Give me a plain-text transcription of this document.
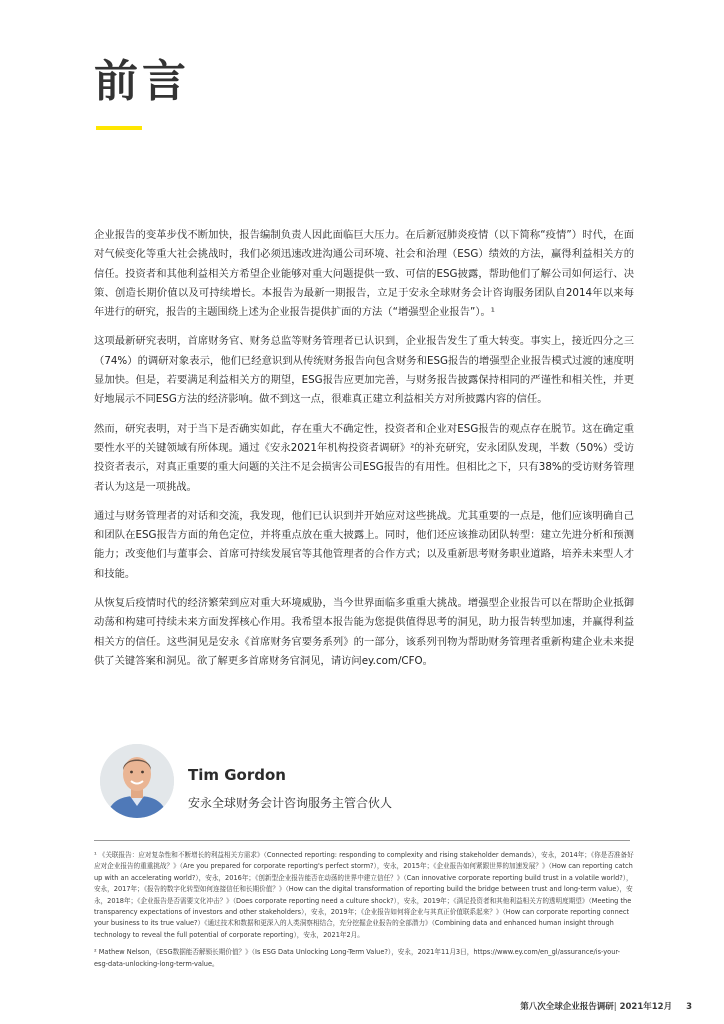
前言

企业报告的变革步伐不断加快，报告编制负责人因此面临巨大压力。在后新冠肺炎疫情（以下简称“疫情”）时代，在面对气候变化等重大社会挑战时，我们必须迅速改进沟通公司环境、社会和治理（ESG）绩效的方法，赢得利益相关方的信任。投资者和其他利益相关方希望企业能够对重大问题提供一致、可信的ESG披露，帮助他们了解公司如何运行、决策、创造长期价值以及可持续增长。本报告为最新一期报告，立足于安永全球财务会计咨询服务团队自2014年以来每年进行的研究，报告的主题围绕上述为企业报告提供扩面的方法（“增强型企业报告”）。¹

这项最新研究表明，首席财务官、财务总监等财务管理者已认识到，企业报告发生了重大转变。事实上，接近四分之三（74%）的调研对象表示，他们已经意识到从传统财务报告向包含财务和ESG报告的增强型企业报告模式过渡的速度明显加快。但是，若要满足利益相关方的期望，ESG报告应更加完善，与财务报告披露保持相同的严谨性和相关性，并更好地展示不同ESG方法的经济影响。做不到这一点，很难真正建立利益相关方对所披露内容的信任。

然而，研究表明，对于当下是否确实如此，存在重大不确定性，投资者和企业对ESG报告的观点存在脱节。这在确定重要性水平的关键领域有所体现。通过《安永2021年机构投资者调研》²的补充研究，安永团队发现，半数（50%）受访投资者表示，对真正重要的重大问题的关注不足会损害公司ESG报告的有用性。但相比之下，只有38%的受访财务管理者认为这是一项挑战。

通过与财务管理者的对话和交流，我发现，他们已认识到并开始应对这些挑战。尤其重要的一点是，他们应该明确自己和团队在ESG报告方面的角色定位，并将重点放在重大披露上。同时，他们还应该推动团队转型：建立先进分析和预测能力；改变他们与董事会、首席可持续发展官等其他管理者的合作方式；以及重新思考财务职业道路，培养未来型人才和技能。

从恢复后疫情时代的经济繁荣到应对重大环境威胁，当今世界面临多重重大挑战。增强型企业报告可以在帮助企业抵御动荡和构建可持续未来方面发挥核心作用。我希望本报告能为您提供值得思考的洞见，助力报告转型加速，并赢得利益相关方的信任。这些洞见是安永《首席财务官要务系列》的一部分，该系列刊物为帮助财务管理者重新构建企业未来提供了关键答案和洞见。欲了解更多首席财务官洞见，请访问ey.com/CFO。

Tim Gordon
安永全球财务会计咨询服务主管合伙人

¹ 《关联报告：应对复杂性和不断增长的利益相关方需求》（Connected reporting: responding to complexity and rising stakeholder demands），安永，2014年；《你是否准备好应对企业报告的重重挑战？》（Are you prepared for corporate reporting's perfect storm?），安永，2015年；《企业报告如何紧跟世界的加速发展？》（How can reporting catch up with an accelerating world?），安永，2016年；《创新型企业报告能否在动荡的世界中建立信任？》（Can innovative corporate reporting build trust in a volatile world?），安永，2017年；《报告的数字化转型如何连接信任和长期价值？》（How can the digital transformation of reporting build the bridge between trust and long-term value），安永，2018年；《企业报告是否需要文化冲击？》（Does corporate reporting need a culture shock?），安永，2019年；《满足投资者和其他利益相关方的透明度期望》（Meeting the transparency expectations of investors and other stakeholders），安永，2019年；《企业报告如何将企业与其真正价值联系起来？》（How can corporate reporting connect your business to its true value?）《通过技术和数据和更深入的人类洞察相结合，充分挖掘企业报告的全部潜力》（Combining data and enhanced human insight through technology to reveal the full potential of corporate reporting），安永，2021年2月。

² Mathew Nelson，《ESG数据能否解锁长期价值？》（Is ESG Data Unlocking Long-Term Value?），安永，2021年11月3日，https://www.ey.com/en_gl/assurance/is-your-esg-data-unlocking-long-term-value。

第八次全球企业报告调研| 2021年12月 3
